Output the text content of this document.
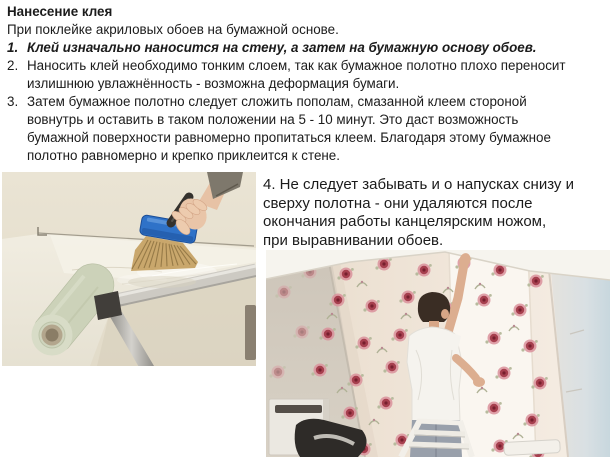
Нанесение клея
При поклейке акриловых обоев на бумажной основе.
1. Клей изначально наносится на стену, а затем на бумажную основу обоев.
2. Наносить клей необходимо тонким слоем, так как бумажное полотно плохо переносит
излишнюю увлажнённость - возможна деформация бумаги.
3. Затем бумажное полотно следует сложить пополам, смазанной клеем стороной
вовнутрь и оставить в таком положении на 5 - 10 минут. Это даст возможность
бумажной поверхности равномерно пропитаться клеем. Благодаря этому бумажное
полотно равномерно и крепко приклеится к стене.
4. Не следует забывать и о напусках снизу и
сверху полотна - они удаляются после
окончания работы канцелярским ножом,
при выравнивании обоев.
